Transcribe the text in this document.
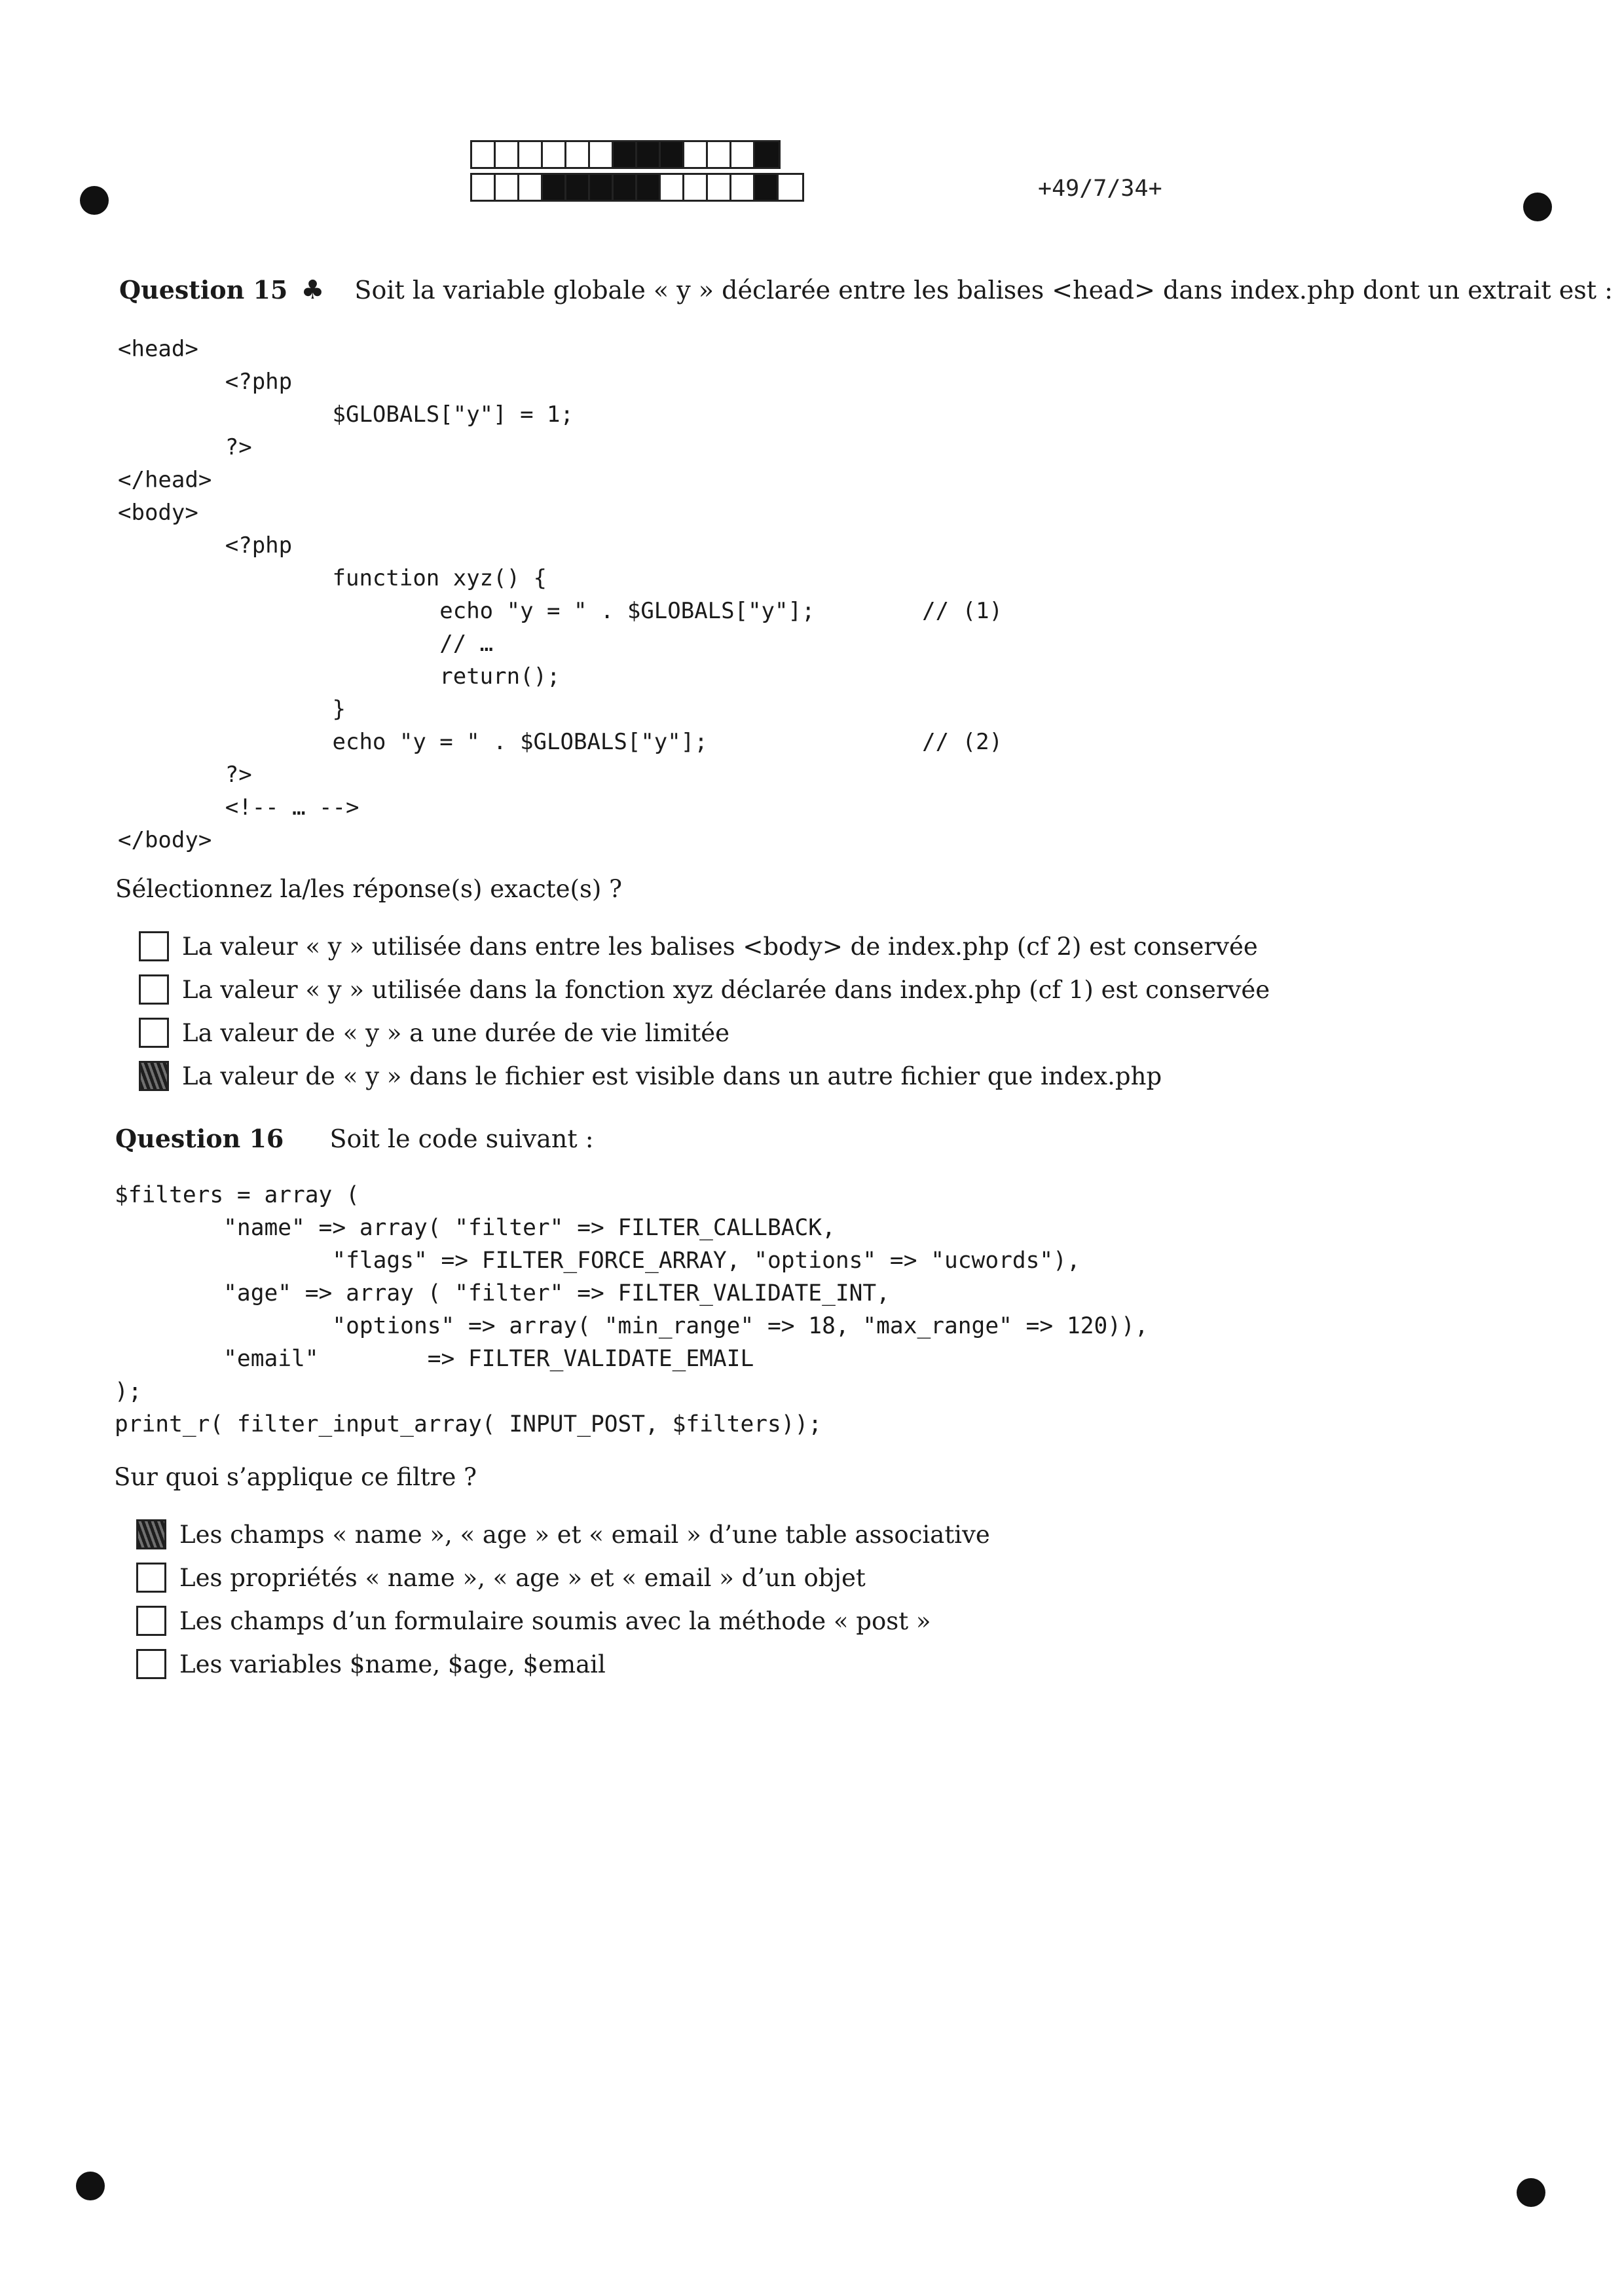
+49/7/34+
Question 15 ♣ Soit la variable globale « y » déclarée entre les balises <head> dans index.php dont un extrait est :
<head>
<?php
$GLOBALS["y"] = 1;
?>
</head>
<body>
<?php
function xyz() {
echo "y = " . $GLOBALS["y"];        // (1)
// …
return();
}
echo "y = " . $GLOBALS["y"];                // (2)
?>
<!-- … -->
</body>
Sélectionnez la/les réponse(s) exacte(s) ?
La valeur « y » utilisée dans entre les balises <body> de index.php (cf 2) est conservée
La valeur « y » utilisée dans la fonction xyz déclarée dans index.php (cf 1) est conservée
La valeur de « y » a une durée de vie limitée
La valeur de « y » dans le fichier est visible dans un autre fichier que index.php
Question 16 Soit le code suivant :
$filters = array (
"name" => array( "filter" => FILTER_CALLBACK,
"flags" => FILTER_FORCE_ARRAY, "options" => "ucwords"),
"age" => array ( "filter" => FILTER_VALIDATE_INT,
"options" => array( "min_range" => 18, "max_range" => 120)),
"email"        => FILTER_VALIDATE_EMAIL
);
print_r( filter_input_array( INPUT_POST, $filters));
Sur quoi s’applique ce filtre ?
Les champs « name », « age » et « email » d’une table associative
Les propriétés « name », « age » et « email » d’un objet
Les champs d’un formulaire soumis avec la méthode « post »
Les variables $name, $age, $email
